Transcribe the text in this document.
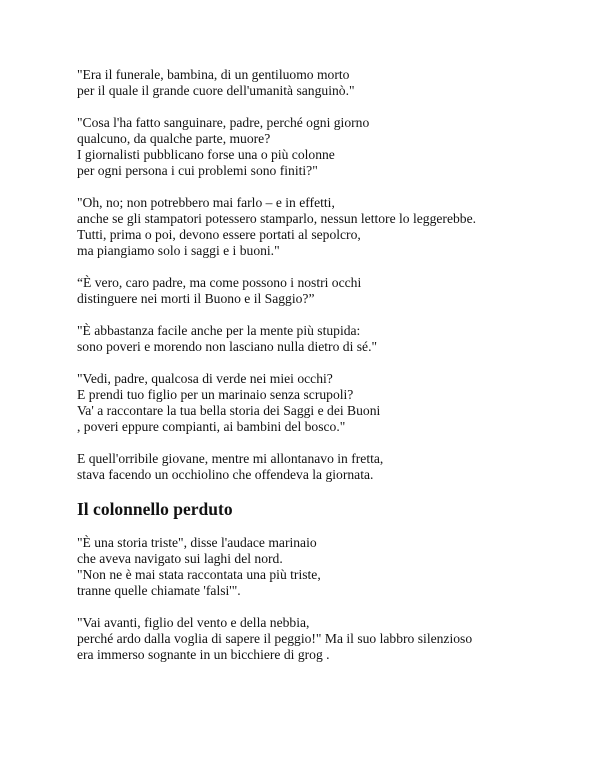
"Era il funerale, bambina, di un gentiluomo morto
per il quale il grande cuore dell'umanità sanguinò."
"Cosa l'ha fatto sanguinare, padre, perché ogni giorno
qualcuno, da qualche parte, muore?
I giornalisti pubblicano forse una o più colonne
per ogni persona i cui problemi sono finiti?"
"Oh, no; non potrebbero mai farlo – e in effetti,
anche se gli stampatori potessero stamparlo, nessun lettore lo leggerebbe.
Tutti, prima o poi, devono essere portati al sepolcro,
ma piangiamo solo i saggi e i buoni."
“È vero, caro padre, ma come possono i nostri occhi
distinguere nei morti il Buono e il Saggio?”
"È abbastanza facile anche per la mente più stupida:
sono poveri e morendo non lasciano nulla dietro di sé."
"Vedi, padre, qualcosa di verde nei miei occhi?
E prendi tuo figlio per un marinaio senza scrupoli?
Va' a raccontare la tua bella storia dei Saggi e dei Buoni
, poveri eppure compianti, ai bambini del bosco."
E quell'orribile giovane, mentre mi allontanavo in fretta,
stava facendo un occhiolino che offendeva la giornata.
Il colonnello perduto
"È una storia triste", disse l'audace marinaio
che aveva navigato sui laghi del nord.
"Non ne è mai stata raccontata una più triste,
tranne quelle chiamate 'falsi'".
"Vai avanti, figlio del vento e della nebbia,
perché ardo dalla voglia di sapere il peggio!" Ma il suo labbro silenzioso
era immerso sognante in un bicchiere di grog .
